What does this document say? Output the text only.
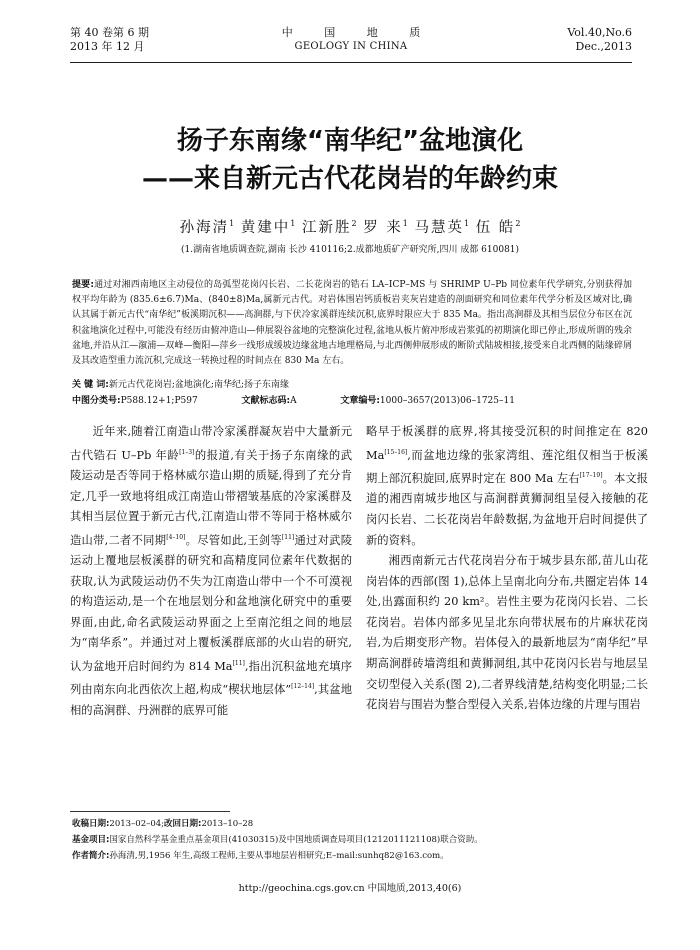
第 40 卷第 6 期
2013 年 12 月
中 国 地 质
GEOLOGY IN CHINA
Vol.40,No.6
Dec.,2013
扬子东南缘“南华纪”盆地演化
——来自新元古代花岗岩的年龄约束
孙海清$^1$ 黄建中$^1$ 江新胜$^2$ 罗 来$^1$ 马慧英$^1$ 伍 皓$^2$
(1.湖南省地质调查院,湖南 长沙 410116;2.成都地质矿产研究所,四川 成都 610081)
提要:通过对湘西南地区主动侵位的岛弧型花岗闪长岩、二长花岗岩的锆石 LA–ICP–MS 与 SHRIMP U–Pb 同位素年代学研究,分别获得加权平均年龄为 (835.6±6.7)Ma、(840±8)Ma,属新元古代。对岩体围岩钙质板岩夹灰岩建造的剖面研究和同位素年代学分析及区域对比,确认其属于新元古代“南华纪”板溪期沉积——高涧群,与下伏冷家溪群连续沉积,底界时限应大于 835 Ma。指出高涧群及其相当层位分布区在沉积盆地演化过程中,可能没有经历由俯冲造山—伸展裂谷盆地的完整演化过程,盆地从板片俯冲形成岩浆弧的初期演化即已停止,形成所谓的残余盆地,并沿从江—溆浦—双峰—衡阳—萍乡一线形成缓坡边缘盆地古地理格局,与北西侧伸展形成的断阶式陆坡相接,接受来自北西侧的陆缘碎屑及其改造型重力流沉积,完成这一转换过程的时间点在 830 Ma 左右。
关 键 词:新元古代花岗岩;盆地演化;南华纪;扬子东南缘
中图分类号:P588.12+1;P597	文献标志码:A	文章编号:1000–3657(2013)06–1725–11

近年来,随着江南造山带冷家溪群凝灰岩中大量新元古代锆石 U–Pb 年龄[1–3]的报道,有关于扬子东南缘的武陵运动是否等同于格林威尔造山期的质疑,得到了充分肯定,几乎一致地将组成江南造山带褶皱基底的冷家溪群及其相当层位置于新元古代,江南造山带不等同于格林威尔造山带,二者不同期[4–10]。尽管如此,王剑等[11]通过对武陵运动上覆地层板溪群的研究和高精度同位素年代数据的获取,认为武陵运动仍不失为江南造山带中一个不可漠视的构造运动,是一个在地层划分和盆地演化研究中的重要界面,由此,命名武陵运动界面之上至南沱组之间的地层为“南华系”。并通过对上覆板溪群底部的火山岩的研究,认为盆地开启时间约为 814 Ma[11],指出沉积盆地充填序列由南东向北西依次上超,构成“楔状地层体”[12–14],其盆地相的高涧群、丹洲群的底界可能

略早于板溪群的底界,将其接受沉积的时间推定在 820 Ma[15–16],而盆地边缘的张家湾组、莲沱组仅相当于板溪期上部沉积旋回,底界时定在 800 Ma 左右[17–19]。本文报道的湘西南城步地区与高涧群黄狮洞组呈侵入接触的花岗闪长岩、二长花岗岩年龄数据,为盆地开启时间提供了新的资料。

湘西南新元古代花岗岩分布于城步县东部,苗儿山花岗岩体的西部(图 1),总体上呈南北向分布,共圈定岩体 14 处,出露面积约 20 km²。岩性主要为花岗闪长岩、二长花岗岩。岩体内部多见呈北东向带状展布的片麻状花岗岩,为后期变形产物。岩体侵入的最新地层为“南华纪”早期高涧群砖墙湾组和黄狮洞组,其中花岗闪长岩与地层呈交切型侵入关系(图 2),二者界线清楚,结构变化明显;二长花岗岩与围岩为整合型侵入关系,岩体边缘的片理与围岩

收稿日期:2013–02–04;改回日期:2013–10–28
基金项目:国家自然科学基金重点基金项目(41030315)及中国地质调查局项目(1212011121108)联合资助。
作者简介:孙海清,男,1956 年生,高级工程师,主要从事地层岩相研究;E–mail:sunhq82@163.com。
http://geochina.cgs.gov.cn 中国地质,2013,40(6)
